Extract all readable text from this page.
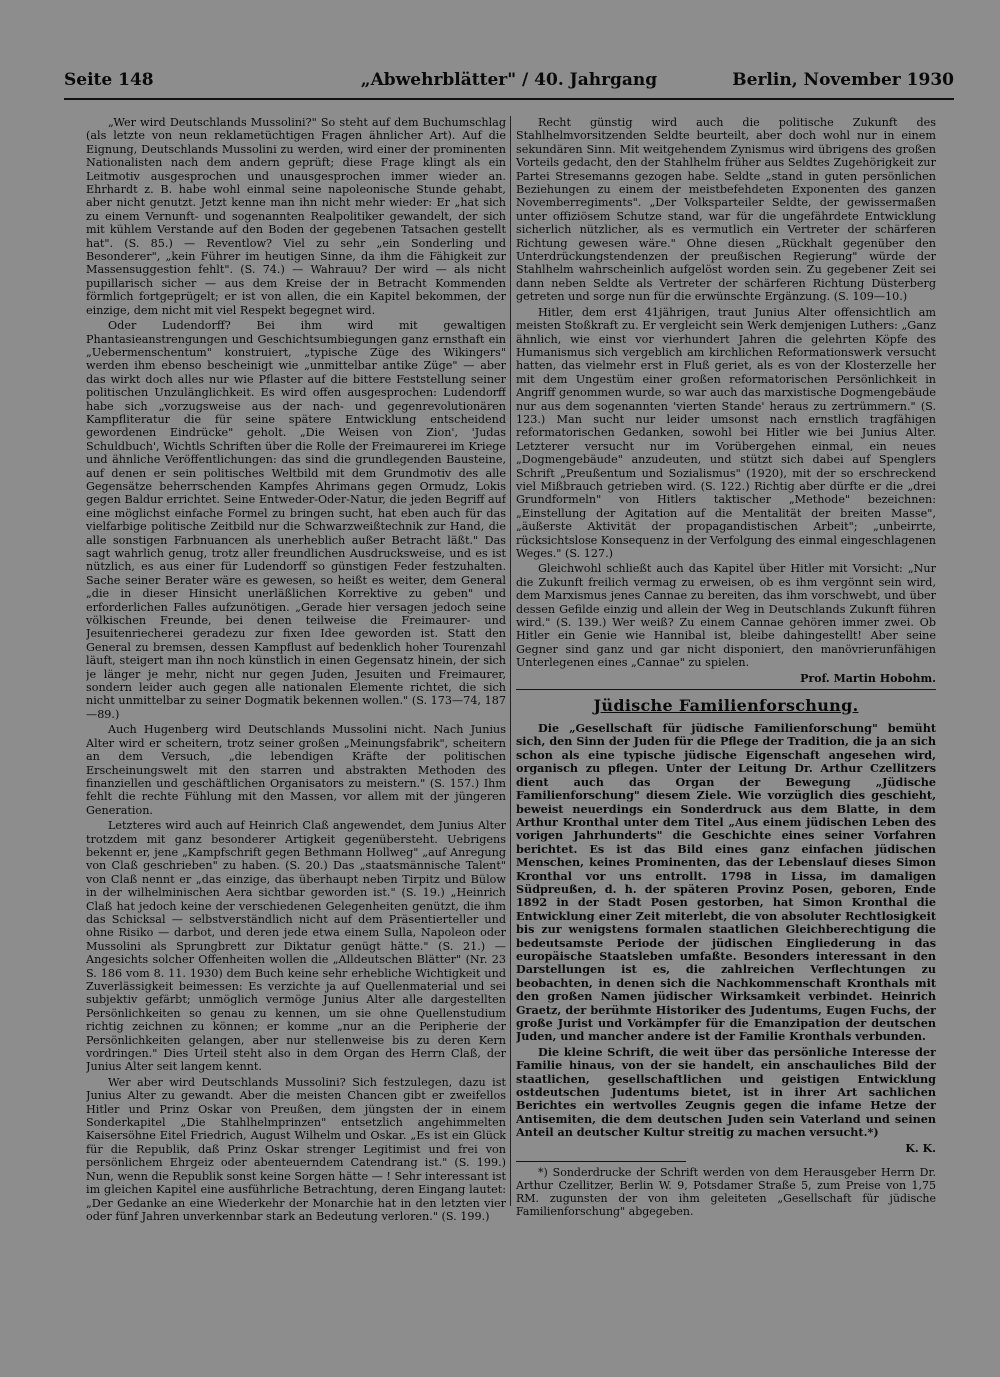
Seite 148	„Abwehrblätter" / 40. Jahrgang	Berlin, November 1930

„Wer wird Deutschlands Mussolini?" So steht auf dem Buchumschlag (als letzte von neun reklametüchtigen Fragen ähnlicher Art). Auf die Eignung, Deutschlands Mussolini zu werden, wird einer der prominenten Nationalisten nach dem andern geprüft; diese Frage klingt als ein Leitmotiv ausgesprochen und unausgesprochen immer wieder an. Ehrhardt z. B. habe wohl einmal seine napoleonische Stunde gehabt, aber nicht genutzt. Jetzt kenne man ihn nicht mehr wieder: Er „hat sich zu einem Vernunft- und sogenannten Realpolitiker gewandelt, der sich mit kühlem Verstande auf den Boden der gegebenen Tatsachen gestellt hat". (S. 85.) — Reventlow? Viel zu sehr „ein Sonderling und Besonderer", „kein Führer im heutigen Sinne, da ihm die Fähigkeit zur Massensuggestion fehlt". (S. 74.) — Wahrauu? Der wird — als nicht pupillarisch sicher — aus dem Kreise der in Betracht Kommenden förmlich fortgeprügelt; er ist von allen, die ein Kapitel bekommen, der einzige, dem nicht mit viel Respekt begegnet wird.

Oder Ludendorff? Bei ihm wird mit gewaltigen Phantasieanstrengungen und Geschichtsumbiegungen ganz ernsthaft ein „Uebermenschentum" konstruiert, „typische Züge des Wikingers" werden ihm ebenso bescheinigt wie „unmittelbar antike Züge" — aber das wirkt doch alles nur wie Pflaster auf die bittere Feststellung seiner politischen Unzulänglichkeit. Es wird offen ausgesprochen: Ludendorff habe sich „vorzugsweise aus der nach- und gegenrevolutionären Kampfliteratur die für seine spätere Entwicklung entscheidend gewordenen Eindrücke" geholt. „Die Weisen von Zion', 'Judas Schuldbuch', Wichtls Schriften über die Rolle der Freimaurerei im Kriege und ähnliche Veröffentlichungen: das sind die grundlegenden Bausteine, auf denen er sein politisches Weltbild mit dem Grundmotiv des alle Gegensätze beherrschenden Kampfes Ahrimans gegen Ormudz, Lokis gegen Baldur errichtet. Seine Entweder-Oder-Natur, die jeden Begriff auf eine möglichst einfache Formel zu bringen sucht, hat eben auch für das vielfarbige politische Zeitbild nur die Schwarzweißtechnik zur Hand, die alle sonstigen Farbnuancen als unerheblich außer Betracht läßt." Das sagt wahrlich genug, trotz aller freundlichen Ausdrucksweise, und es ist nützlich, es aus einer für Ludendorff so günstigen Feder festzuhalten. Sache seiner Berater wäre es gewesen, so heißt es weiter, dem General „die in dieser Hinsicht unerläßlichen Korrektive zu geben" und erforderlichen Falles aufzunötigen. „Gerade hier versagen jedoch seine völkischen Freunde, bei denen teilweise die Freimaurer- und Jesuitenriecherei geradezu zur fixen Idee geworden ist. Statt den General zu bremsen, dessen Kampflust auf bedenklich hoher Tourenzahl läuft, steigert man ihn noch künstlich in einen Gegensatz hinein, der sich je länger je mehr, nicht nur gegen Juden, Jesuiten und Freimaurer, sondern leider auch gegen alle nationalen Elemente richtet, die sich nicht unmittelbar zu seiner Dogmatik bekennen wollen." (S. 173—74, 187—89.)

Auch Hugenberg wird Deutschlands Mussolini nicht. Nach Junius Alter wird er scheitern, trotz seiner großen „Meinungsfabrik", scheitern an dem Versuch, „die lebendigen Kräfte der politischen Erscheinungswelt mit den starren und abstrakten Methoden des finanziellen und geschäftlichen Organisators zu meistern." (S. 157.) Ihm fehlt die rechte Fühlung mit den Massen, vor allem mit der jüngeren Generation.

Letzteres wird auch auf Heinrich Claß angewendet, dem Junius Alter trotzdem mit ganz besonderer Artigkeit gegenübersteht. Uebrigens bekennt er, jene „Kampfschrift gegen Bethmann Hollweg" „auf Anregung von Claß geschrieben" zu haben. (S. 20.) Das „staatsmännische Talent" von Claß nennt er „das einzige, das überhaupt neben Tirpitz und Bülow in der wilhelminischen Aera sichtbar geworden ist." (S. 19.) „Heinrich Claß hat jedoch keine der verschiedenen Gelegenheiten genützt, die ihm das Schicksal — selbstverständlich nicht auf dem Präsentierteller und ohne Risiko — darbot, und deren jede etwa einem Sulla, Napoleon oder Mussolini als Sprungbrett zur Diktatur genügt hätte." (S. 21.) — Angesichts solcher Offenheiten wollen die „Alldeutschen Blätter" (Nr. 23 S. 186 vom 8. 11. 1930) dem Buch keine sehr erhebliche Wichtigkeit und Zuverlässigkeit beimessen: Es verzichte ja auf Quellenmaterial und sei subjektiv gefärbt; unmöglich vermöge Junius Alter alle dargestellten Persönlichkeiten so genau zu kennen, um sie ohne Quellenstudium richtig zeichnen zu können; er komme „nur an die Peripherie der Persönlichkeiten gelangen, aber nur stellenweise bis zu deren Kern vordringen." Dies Urteil steht also in dem Organ des Herrn Claß, der Junius Alter seit langem kennt.

Wer aber wird Deutschlands Mussolini? Sich festzulegen, dazu ist Junius Alter zu gewandt. Aber die meisten Chancen gibt er zweifellos Hitler und Prinz Oskar von Preußen, dem jüngsten der in einem Sonderkapitel „Die Stahlhelmprinzen" entsetzlich angehimmelten Kaisersöhne Eitel Friedrich, August Wilhelm und Oskar. „Es ist ein Glück für die Republik, daß Prinz Oskar strenger Legitimist und frei von persönlichem Ehrgeiz oder abenteuerndem Catendrang ist." (S. 199.) Nun, wenn die Republik sonst keine Sorgen hätte — ! Sehr interessant ist im gleichen Kapitel eine ausführliche Betrachtung, deren Eingang lautet: „Der Gedanke an eine Wiederkehr der Monarchie hat in den letzten vier oder fünf Jahren unverkennbar stark an Bedeutung verloren." (S. 199.)

Recht günstig wird auch die politische Zukunft des Stahlhelmvorsitzenden Seldte beurteilt, aber doch wohl nur in einem sekundären Sinn. Mit weitgehendem Zynismus wird übrigens des großen Vorteils gedacht, den der Stahlhelm früher aus Seldtes Zugehörigkeit zur Partei Stresemanns gezogen habe. Seldte „stand in guten persönlichen Beziehungen zu einem der meistbefehdeten Exponenten des ganzen Novemberregiments". „Der Volksparteiler Seldte, der gewissermaßen unter offiziösem Schutze stand, war für die ungefährdete Entwicklung sicherlich nützlicher, als es vermutlich ein Vertreter der schärferen Richtung gewesen wäre." Ohne diesen „Rückhalt gegenüber den Unterdrückungstendenzen der preußischen Regierung" würde der Stahlhelm wahrscheinlich aufgelöst worden sein. Zu gegebener Zeit sei dann neben Seldte als Vertreter der schärferen Richtung Düsterberg getreten und sorge nun für die erwünschte Ergänzung. (S. 109—10.)

Hitler, dem erst 41jährigen, traut Junius Alter offensichtlich am meisten Stoßkraft zu. Er vergleicht sein Werk demjenigen Luthers: „Ganz ähnlich, wie einst vor vierhundert Jahren die gelehrten Köpfe des Humanismus sich vergeblich am kirchlichen Reformationswerk versucht hatten, das vielmehr erst in Fluß geriet, als es von der Klosterzelle her mit dem Ungestüm einer großen reformatorischen Persönlichkeit in Angriff genommen wurde, so war auch das marxistische Dogmengebäude nur aus dem sogenannten 'vierten Stande' heraus zu zertrümmern." (S. 123.) Man sucht nur leider umsonst nach ernstlich tragfähigen reformatorischen Gedanken, sowohl bei Hitler wie bei Junius Alter. Letzterer versucht nur im Vorübergehen einmal, ein neues „Dogmengebäude" anzudeuten, und stützt sich dabei auf Spenglers Schrift „Preußentum und Sozialismus" (1920), mit der so erschreckend viel Mißbrauch getrieben wird. (S. 122.) Richtig aber dürfte er die „drei Grundformeln" von Hitlers taktischer „Methode" bezeichnen: „Einstellung der Agitation auf die Mentalität der breiten Masse", „äußerste Aktivität der propagandistischen Arbeit"; „unbeirrte, rücksichtslose Konsequenz in der Verfolgung des einmal eingeschlagenen Weges." (S. 127.)

Gleichwohl schließt auch das Kapitel über Hitler mit Vorsicht: „Nur die Zukunft freilich vermag zu erweisen, ob es ihm vergönnt sein wird, dem Marxismus jenes Cannae zu bereiten, das ihm vorschwebt, und über dessen Gefilde einzig und allein der Weg in Deutschlands Zukunft führen wird." (S. 139.) Wer weiß? Zu einem Cannae gehören immer zwei. Ob Hitler ein Genie wie Hannibal ist, bleibe dahingestellt! Aber seine Gegner sind ganz und gar nicht disponiert, den manövrierunfähigen Unterlegenen eines „Cannae" zu spielen.

Prof. Martin Hobohm.
Jüdische Familienforschung.

Die „Gesellschaft für jüdische Familienforschung" bemüht sich, den Sinn der Juden für die Pflege der Tradition, die ja an sich schon als eine typische jüdische Eigenschaft angesehen wird, organisch zu pflegen. Unter der Leitung Dr. Arthur Czellitzers dient auch das Organ der Bewegung „Jüdische Familienforschung" diesem Ziele. Wie vorzüglich dies geschieht, beweist neuerdings ein Sonderdruck aus dem Blatte, in dem Arthur Kronthal unter dem Titel „Aus einem jüdischen Leben des vorigen Jahrhunderts" die Geschichte eines seiner Vorfahren berichtet. Es ist das Bild eines ganz einfachen jüdischen Menschen, keines Prominenten, das der Lebenslauf dieses Simon Kronthal vor uns entrollt. 1798 in Lissa, im damaligen Südpreußen, d. h. der späteren Provinz Posen, geboren, Ende 1892 in der Stadt Posen gestorben, hat Simon Kronthal die Entwicklung einer Zeit miterlebt, die von absoluter Rechtlosigkeit bis zur wenigstens formalen staatlichen Gleichberechtigung die bedeutsamste Periode der jüdischen Eingliederung in das europäische Staatsleben umfaßte. Besonders interessant in den Darstellungen ist es, die zahlreichen Verflechtungen zu beobachten, in denen sich die Nachkommenschaft Kronthals mit den großen Namen jüdischer Wirksamkeit verbindet. Heinrich Graetz, der berühmte Historiker des Judentums, Eugen Fuchs, der große Jurist und Vorkämpfer für die Emanzipation der deutschen Juden, und mancher andere ist der Familie Kronthals verbunden.

Die kleine Schrift, die weit über das persönliche Interesse der Familie hinaus, von der sie handelt, ein anschauliches Bild der staatlichen, gesellschaftlichen und geistigen Entwicklung ostdeutschen Judentums bietet, ist in ihrer Art sachlichen Berichtes ein wertvolles Zeugnis gegen die infame Hetze der Antisemiten, die dem deutschen Juden sein Vaterland und seinen Anteil an deutscher Kultur streitig zu machen versucht.*)

K. K.

*) Sonderdrucke der Schrift werden von dem Herausgeber Herrn Dr. Arthur Czellitzer, Berlin W. 9, Potsdamer Straße 5, zum Preise von 1,75 RM. zugunsten der von ihm geleiteten „Gesellschaft für jüdische Familienforschung" abgegeben.
